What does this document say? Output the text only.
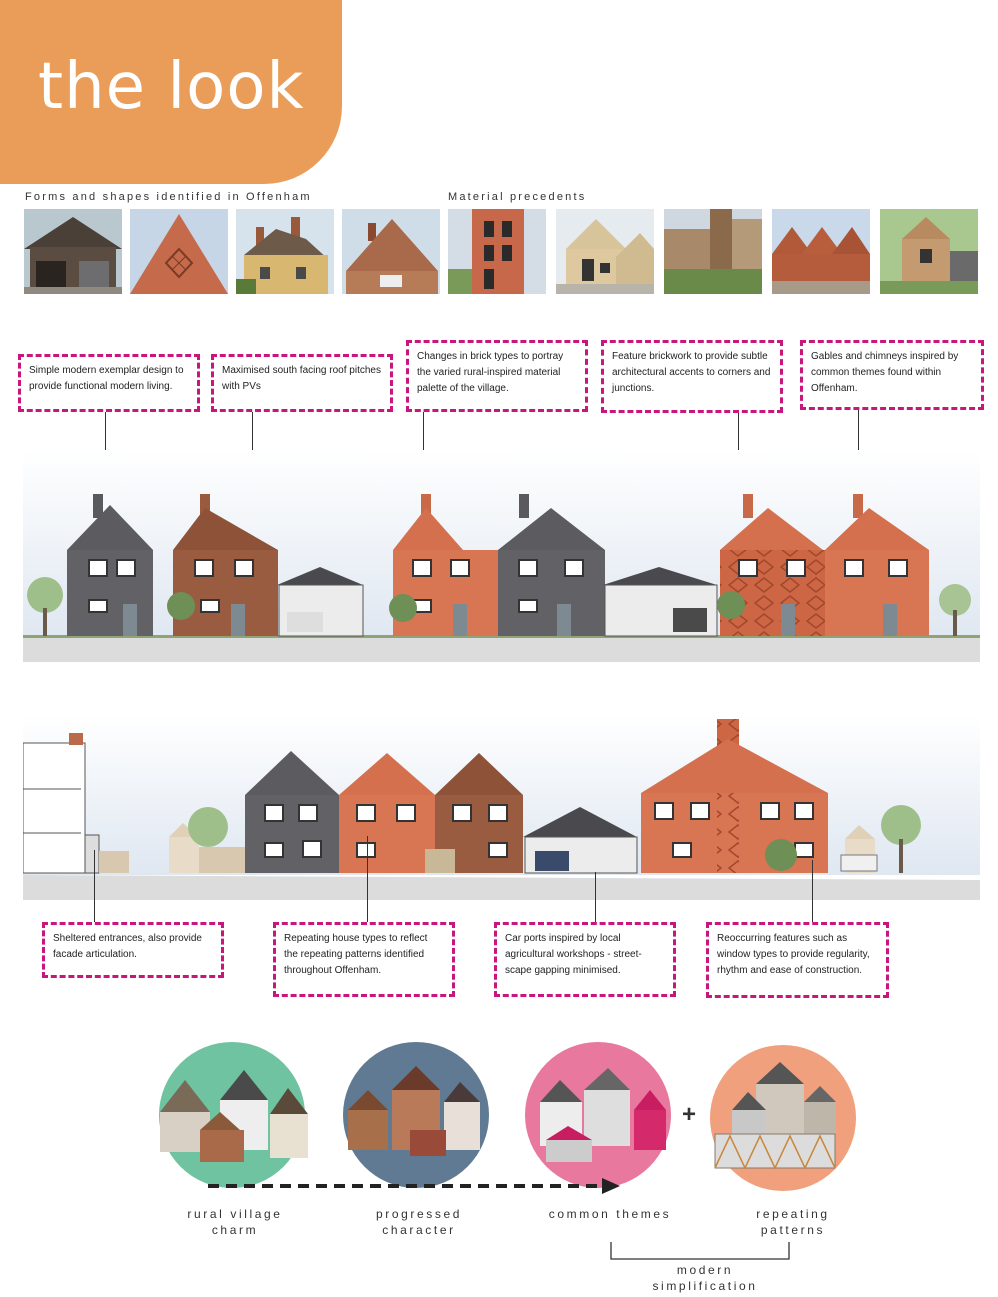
the look
Forms and shapes identified in Offenham	Material precedents
Simple modern exemplar design to provide functional modern living.
Maximised south facing roof pitches with PVs
Changes in brick types to portray the varied rural-inspired material palette of the village.
Feature brickwork to provide subtle architectural accents to corners and junctions.
Gables and chimneys inspired by common themes found within Offenham.
Sheltered entrances, also provide facade articulation.
Repeating house types to reflect the repeating patterns identified throughout Offenham.
Car ports inspired by local agricultural workshops - street-scape gapping minimised.
Reoccurring features such as window types to provide regularity, rhythm and ease of construction.
+
rural village
charm
progressed
character
common themes	repeating
patterns
modern
simplification
